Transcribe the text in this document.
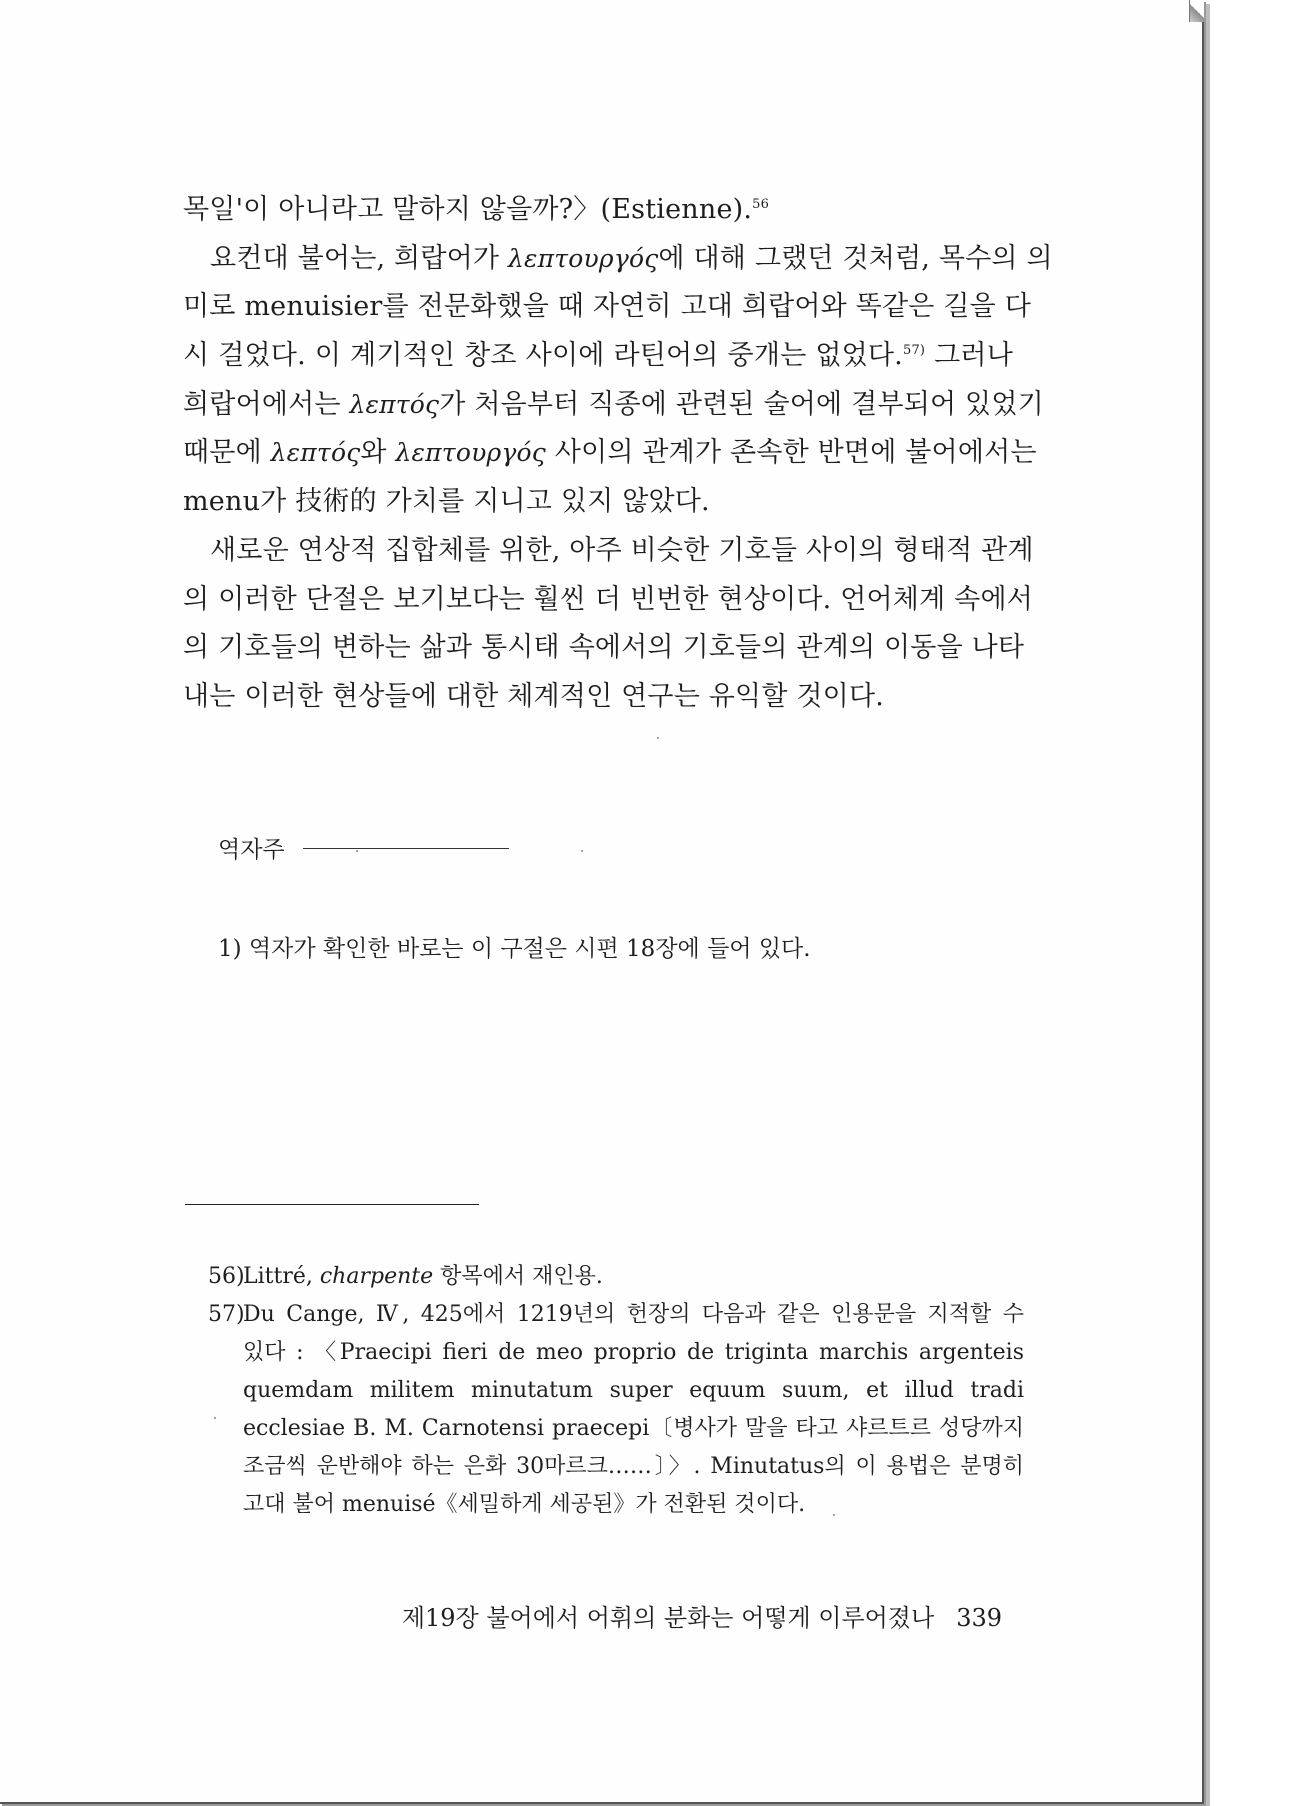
목일'이 아니라고 말하지 않을까?〉(Estienne).$^{56}$
요컨대 불어는, 희랍어가 λεπτουργός에 대해 그랬던 것처럼, 목수의 의
미로 menuisier를 전문화했을 때 자연히 고대 희랍어와 똑같은 길을 다
시 걸었다. 이 계기적인 창조 사이에 라틴어의 중개는 없었다.$^{57)}$ 그러나
희랍어에서는 λεπτός가 처음부터 직종에 관련된 술어에 결부되어 있었기
때문에 λεπτός와 λεπτουργός 사이의 관계가 존속한 반면에 불어에서는
menu가 技術的 가치를 지니고 있지 않았다.
새로운 연상적 집합체를 위한, 아주 비슷한 기호들 사이의 형태적 관계
의 이러한 단절은 보기보다는 훨씬 더 빈번한 현상이다. 언어체계 속에서
의 기호들의 변하는 삶과 통시태 속에서의 기호들의 관계의 이동을 나타
내는 이러한 현상들에 대한 체계적인 연구는 유익할 것이다.
역자주
1) 역자가 확인한 바로는 이 구절은 시편 18장에 들어 있다.
56)Littré, charpente 항목에서 재인용.
57)Du Cange, Ⅳ, 425에서 1219년의 헌장의 다음과 같은 인용문을 지적할 수
있다 : 〈Praecipi fieri de meo proprio de triginta marchis argenteis
quemdam militem minutatum super equum suum, et illud tradi
ecclesiae B. M. Carnotensi praecepi〔병사가 말을 타고 샤르트르 성당까지
조금씩 운반해야 하는 은화 30마르크……〕〉. Minutatus의 이 용법은 분명히
고대 불어 menuisé《세밀하게 세공된》가 전환된 것이다.
제19장 불어에서 어휘의 분화는 어떻게 이루어졌나 339
